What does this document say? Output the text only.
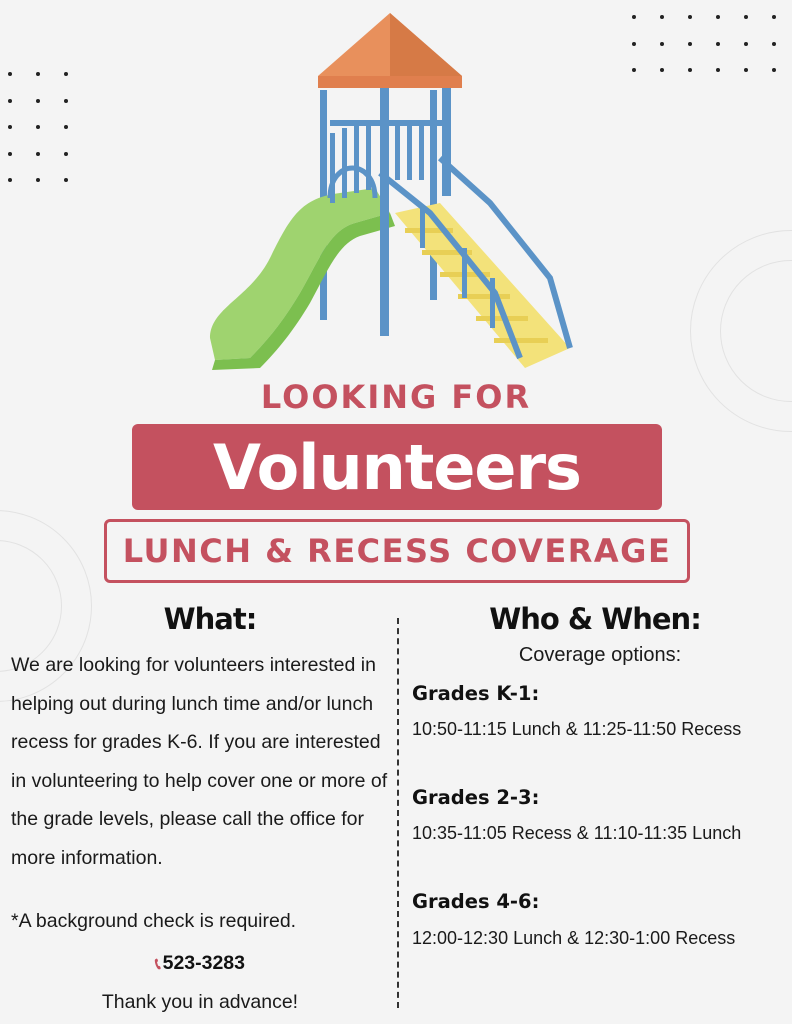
LOOKING FOR
Volunteers
LUNCH & RECESS COVERAGE
What:
We are looking for volunteers interested in helping out during lunch time and/or lunch recess for grades K-6. If you are interested in volunteering to help cover one or more of the grade levels, please call the office for more information.
*A background check is required.
📞︎ 523-3283
Thank you in advance!
Who & When:
Coverage options:
Grades K-1:
10:50-11:15 Lunch & 11:25-11:50 Recess
Grades 2-3:
10:35-11:05 Recess & 11:10-11:35 Lunch
Grades 4-6:
12:00-12:30 Lunch & 12:30-1:00 Recess
